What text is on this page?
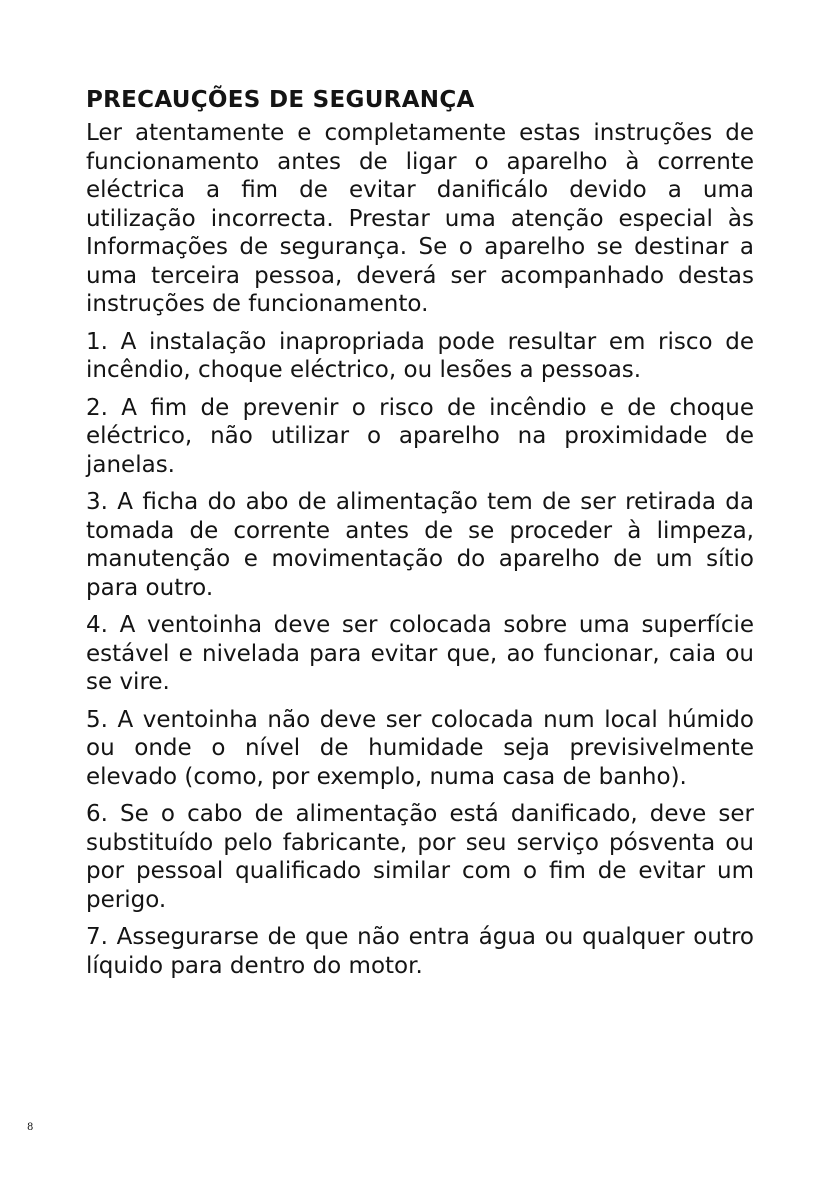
PRECAUÇÕES DE SEGURANÇA

Ler atentamente e completamente estas instruções de funcionamento antes de ligar o aparelho à corrente eléctrica a fim de evitar danificálo devido a uma utilização incorrecta. Prestar uma atenção especial às Informações de segurança. Se o aparelho se destinar a uma terceira pessoa, deverá ser acompanhado destas instruções de funcionamento.

1. A instalação inapropriada pode resultar em risco de incêndio, choque eléctrico, ou lesões a pessoas.

2. A fim de prevenir o risco de incêndio e de choque eléctrico, não utilizar o aparelho na proximidade de janelas.

3. A ficha do abo de alimentação tem de ser retirada da tomada de corrente antes de se proceder à limpeza, manutenção e movimentação do aparelho de um sítio para outro.

4. A ventoinha deve ser colocada sobre uma superfície estável e nivelada para evitar que, ao funcionar, caia ou se vire.

5. A ventoinha não deve ser colocada num local húmido ou onde o nível de humidade seja previsivelmente elevado (como, por exemplo, numa casa de banho).

6. Se o cabo de alimentação está danificado, deve ser substituído pelo fabricante, por seu serviço pósventa ou por pessoal qualificado similar com o fim de evitar um perigo.

7. Assegurarse de que não entra água ou qualquer outro líquido para dentro do motor.

8
